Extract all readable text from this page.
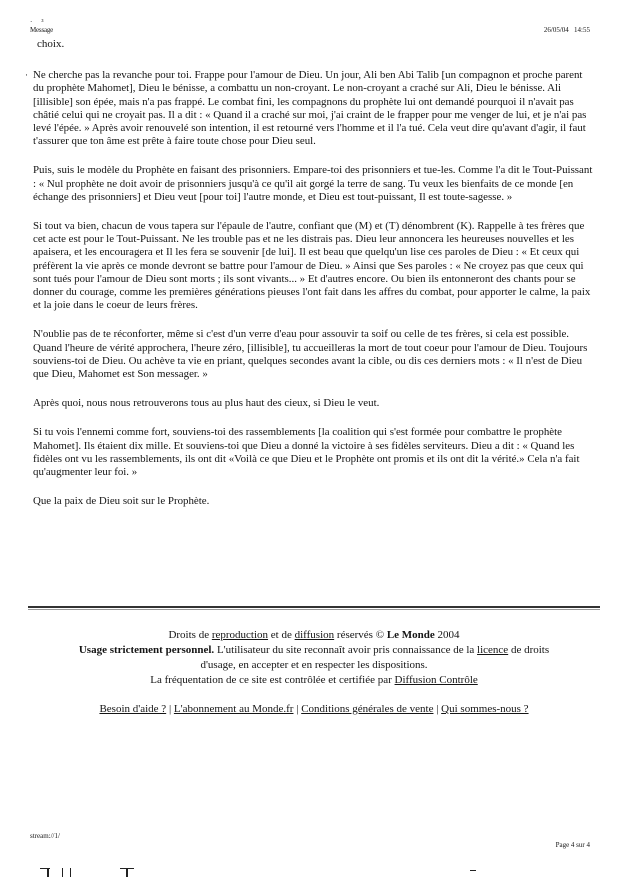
·      ³
Message	26/05/04 14:55

choix.

· Ne cherche pas la revanche pour toi. Frappe pour l'amour de Dieu. Un jour, Ali ben Abi Talib [un compagnon et proche parent du prophète Mahomet], Dieu le bénisse, a combattu un non-croyant. Le non-croyant a craché sur Ali, Dieu le bénisse. Ali [illisible] son épée, mais n'a pas frappé. Le combat fini, les compagnons du prophète lui ont demandé pourquoi il n'avait pas châtié celui qui ne croyait pas. Il a dit : « Quand il a craché sur moi, j'ai craint de le frapper pour me venger de lui, et je n'ai pas levé l'épée. » Après avoir renouvelé son intention, il est retourné vers l'homme et il l'a tué. Cela veut dire qu'avant d'agir, il faut t'assurer que ton âme est prête à faire toute chose pour Dieu seul.

Puis, suis le modèle du Prophète en faisant des prisonniers. Empare-toi des prisonniers et tue-les. Comme l'a dit le Tout-Puissant : « Nul prophète ne doit avoir de prisonniers jusqu'à ce qu'il ait gorgé la terre de sang. Tu veux les bienfaits de ce monde [en échange des prisonniers] et Dieu veut [pour toi] l'autre monde, et Dieu est tout-puissant, Il est toute-sagesse. »

Si tout va bien, chacun de vous tapera sur l'épaule de l'autre, confiant que (M) et (T) dénombrent (K). Rappelle à tes frères que cet acte est pour le Tout-Puissant. Ne les trouble pas et ne les distrais pas. Dieu leur annoncera les heureuses nouvelles et les apaisera, et les encouragera et Il les fera se souvenir [de lui]. Il est beau que quelqu'un lise ces paroles de Dieu : « Et ceux qui préfèrent la vie après ce monde devront se battre pour l'amour de Dieu. » Ainsi que Ses paroles : « Ne croyez pas que ceux qui sont tués pour l'amour de Dieu sont morts ; ils sont vivants... » Et d'autres encore. Ou bien ils entonneront des chants pour se donner du courage, comme les premières générations pieuses l'ont fait dans les affres du combat, pour apporter le calme, la paix et la joie dans le coeur de leurs frères.

N'oublie pas de te réconforter, même si c'est d'un verre d'eau pour assouvir ta soif ou celle de tes frères, si cela est possible. Quand l'heure de vérité approchera, l'heure zéro, [illisible], tu accueilleras la mort de tout coeur pour l'amour de Dieu. Toujours souviens-toi de Dieu. Ou achève ta vie en priant, quelques secondes avant la cible, ou dis ces derniers mots : « Il n'est de Dieu que Dieu, Mahomet est Son messager. »

Après quoi, nous nous retrouverons tous au plus haut des cieux, si Dieu le veut.

Si tu vois l'ennemi comme fort, souviens-toi des rassemblements [la coalition qui s'est formée pour combattre le prophète Mahomet]. Ils étaient dix mille. Et souviens-toi que Dieu a donné la victoire à ses fidèles serviteurs. Dieu a dit : « Quand les fidèles ont vu les rassemblements, ils ont dit «Voilà ce que Dieu et le Prophète ont promis et ils ont dit la vérité.» Cela n'a fait qu'augmenter leur foi. »

Que la paix de Dieu soit sur le Prophète.

Droits de reproduction et de diffusion réservés © Le Monde 2004
Usage strictement personnel. L'utilisateur du site reconnaît avoir pris connaissance de la licence de droits
d'usage, en accepter et en respecter les dispositions.
La fréquentation de ce site est contrôlée et certifiée par Diffusion Contrôle
Besoin d'aide ? | L'abonnement au Monde.fr | Conditions générales de vente | Qui sommes-nous ?
stream://1/
Page 4 sur 4
